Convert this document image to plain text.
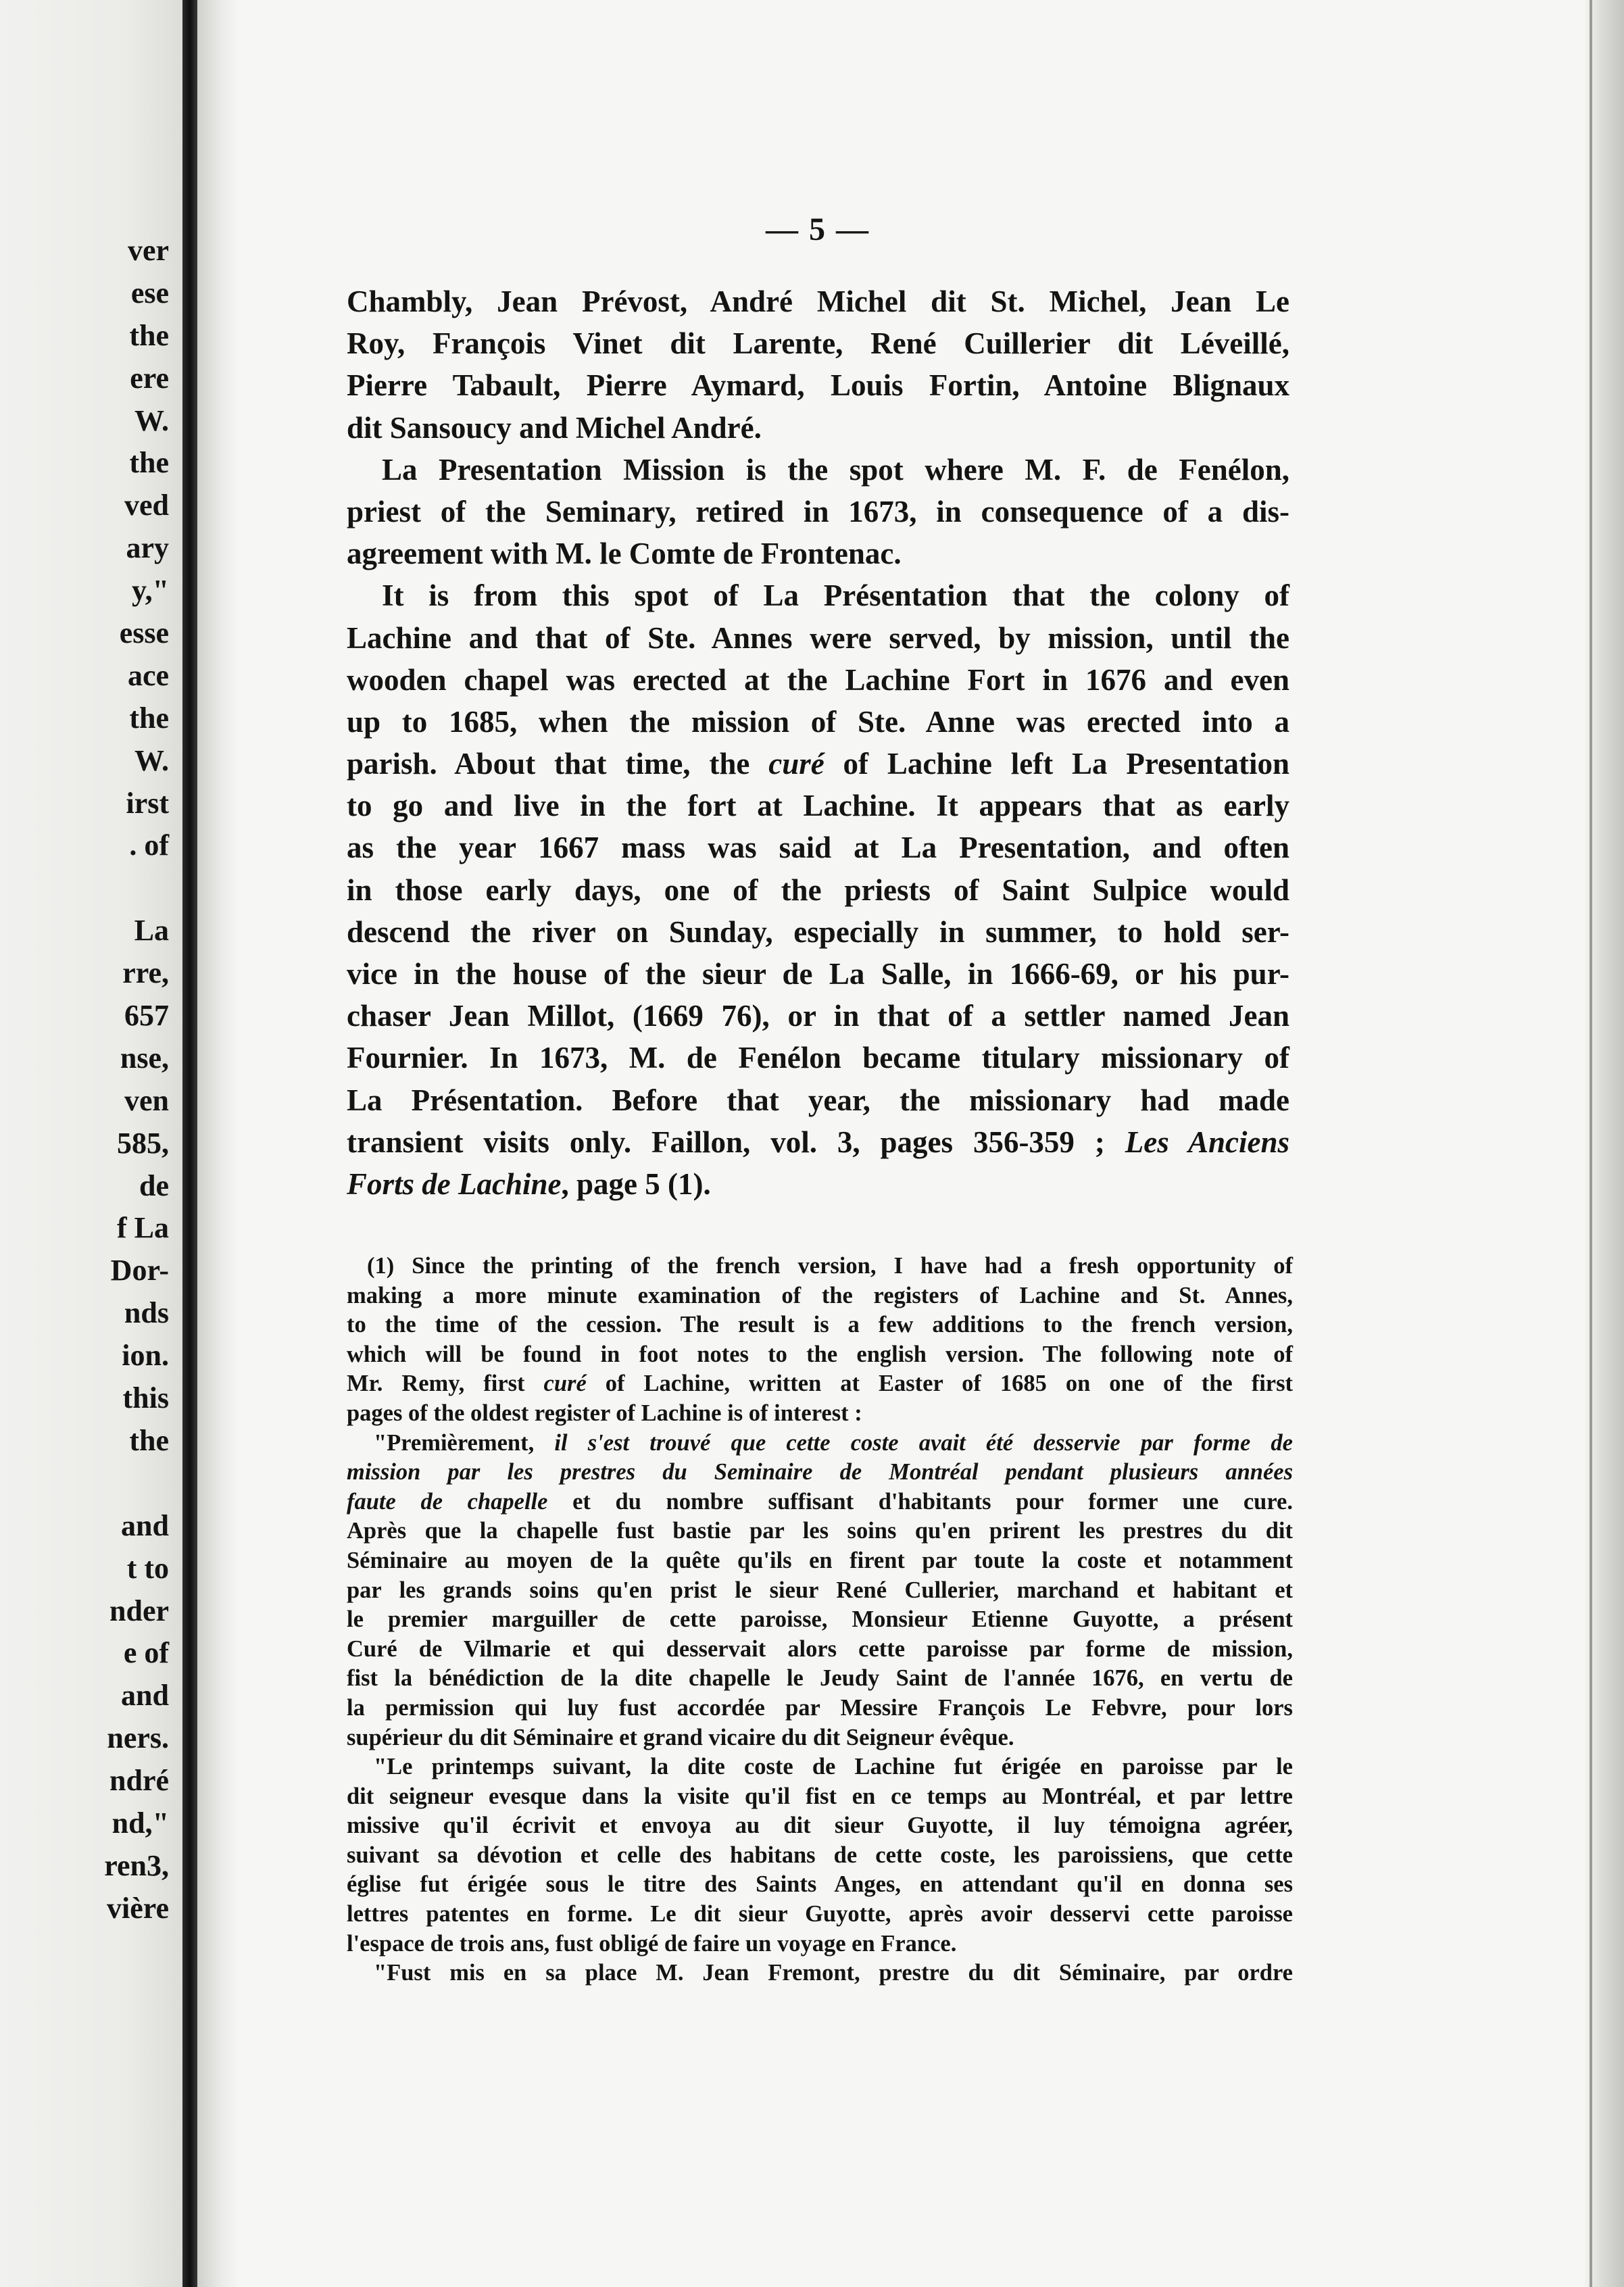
ver
ese
the
ere
W.
the
ved
ary
y,"
esse
ace
the
W.
irst
. of
La
rre,
657
nse,
ven
585,
de
f La
Dor-
nds
ion.
this
the
and
t to
nder
e of
and
ners.
ndré
nd,"
ren3,
vière
— 5 —
Chambly, Jean Prévost, André Michel dit St. Michel, Jean Le
Roy, François Vinet dit Larente, René Cuillerier dit Léveillé,
Pierre Tabault, Pierre Aymard, Louis Fortin, Antoine Blignaux
dit Sansoucy and Michel André.
La Presentation Mission is the spot where M. F. de Fenélon,
priest of the Seminary, retired in 1673, in consequence of a dis-
agreement with M. le Comte de Frontenac.
It is from this spot of La Présentation that the colony of
Lachine and that of Ste. Annes were served, by mission, until the
wooden chapel was erected at the Lachine Fort in 1676 and even
up to 1685, when the mission of Ste. Anne was erected into a
parish. About that time, the curé of Lachine left La Presentation
to go and live in the fort at Lachine. It appears that as early
as the year 1667 mass was said at La Presentation, and often
in those early days, one of the priests of Saint Sulpice would
descend the river on Sunday, especially in summer, to hold ser-
vice in the house of the sieur de La Salle, in 1666-69, or his pur-
chaser Jean Millot, (1669 76), or in that of a settler named Jean
Fournier. In 1673, M. de Fenélon became titulary missionary of
La Présentation. Before that year, the missionary had made
transient visits only. Faillon, vol. 3, pages 356-359 ; Les Anciens
Forts de Lachine, page 5 (1).
(1) Since the printing of the french version, I have had a fresh opportunity of
making a more minute examination of the registers of Lachine and St. Annes,
to the time of the cession. The result is a few additions to the french version,
which will be found in foot notes to the english version. The following note of
Mr. Remy, first curé of Lachine, written at Easter of 1685 on one of the first
pages of the oldest register of Lachine is of interest :
"Premièrement, il s'est trouvé que cette coste avait été desservie par forme de
mission par les prestres du Seminaire de Montréal pendant plusieurs années
faute de chapelle et du nombre suffisant d'habitants pour former une cure.
Après que la chapelle fust bastie par les soins qu'en prirent les prestres du dit
Séminaire au moyen de la quête qu'ils en firent par toute la coste et notamment
par les grands soins qu'en prist le sieur René Cullerier, marchand et habitant et
le premier marguiller de cette paroisse, Monsieur Etienne Guyotte, a présent
Curé de Vilmarie et qui desservait alors cette paroisse par forme de mission,
fist la bénédiction de la dite chapelle le Jeudy Saint de l'année 1676, en vertu de
la permission qui luy fust accordée par Messire François Le Febvre, pour lors
supérieur du dit Séminaire et grand vicaire du dit Seigneur évêque.
"Le printemps suivant, la dite coste de Lachine fut érigée en paroisse par le
dit seigneur evesque dans la visite qu'il fist en ce temps au Montréal, et par lettre
missive qu'il écrivit et envoya au dit sieur Guyotte, il luy témoigna agréer,
suivant sa dévotion et celle des habitans de cette coste, les paroissiens, que cette
église fut érigée sous le titre des Saints Anges, en attendant qu'il en donna ses
lettres patentes en forme. Le dit sieur Guyotte, après avoir desservi cette paroisse
l'espace de trois ans, fust obligé de faire un voyage en France.
"Fust mis en sa place M. Jean Fremont, prestre du dit Séminaire, par ordre
